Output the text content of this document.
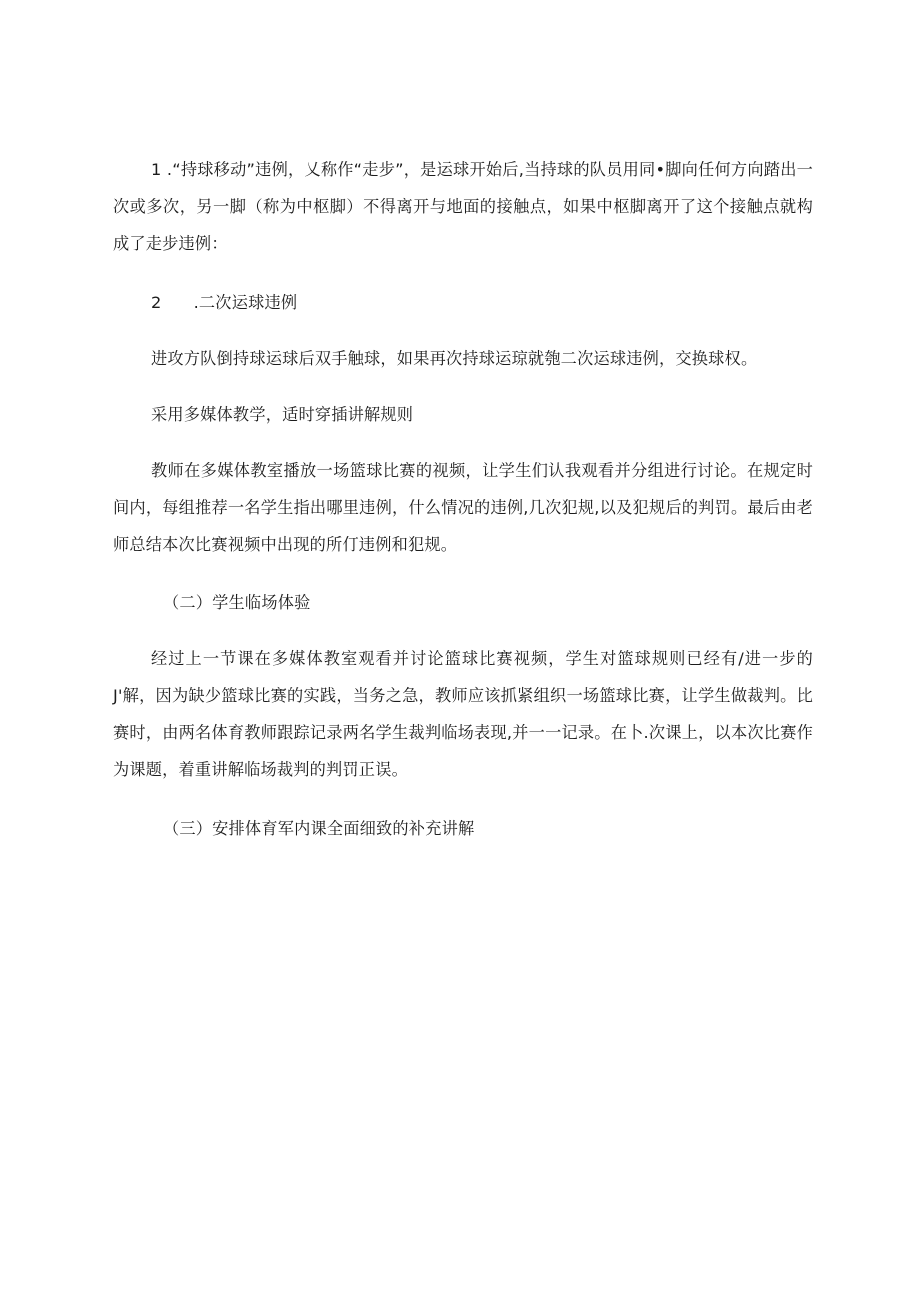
1 .“持球移动”违例，乂称作“走步”，是运球开始后,当持球的队员用同•脚向任何方向踏出一次或多次，另一脚（称为中枢脚）不得离开与地面的接触点，如果中枢脚离开了这个接触点就构成了走步违例：

2      .二次运球违例

进攻方队倒持球运球后双手触球，如果再次持球运琼就匏二次运球违例，交换球权。

采用多媒体教学，适时穿插讲解规则

教师在多媒体教室播放一场篮球比赛的视频，让学生们认我观看并分组进行讨论。在规定时间内，每组推荐一名学生指出哪里违例，什么情况的违例,几次犯规,以及犯规后的判罚。最后由老师总结本次比赛视频中出现的所仃违例和犯规。

（二）学生临场体验

经过上一节课在多媒体教室观看并讨论篮球比赛视频，学生对篮球规则已经有/进一步的J'解，因为缺少篮球比赛的实践，当务之急，教师应该抓紧组织一场篮球比赛，让学生做裁判。比赛时，由两名体育教师跟踪记录两名学生裁判临场表现,并一一记录。在卜.次课上，以本次比赛作为课题，着重讲解临场裁判的判罚正误。

（三）安排体育军内课全面细致的补充讲解
